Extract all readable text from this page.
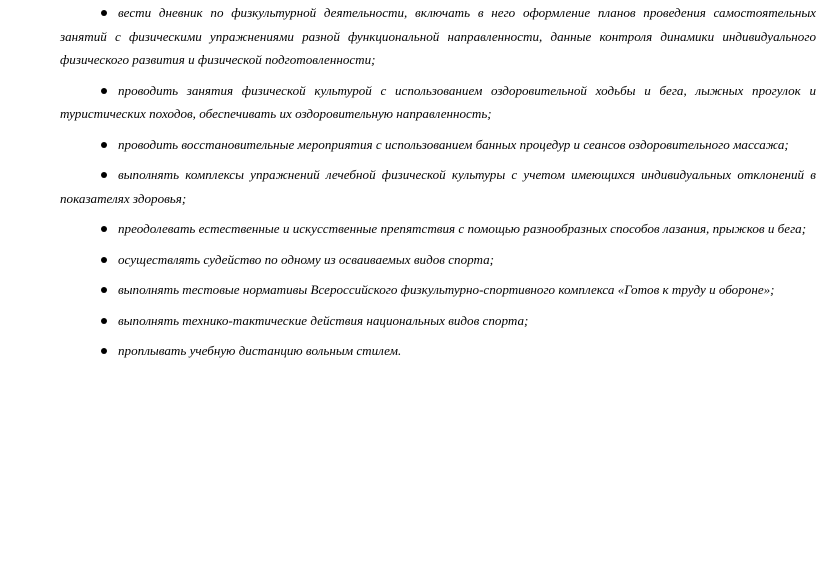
вести дневник по физкультурной деятельности, включать в него оформление планов проведения самостоятельных занятий с физическими упражнениями разной функциональной направленности, данные контроля динамики индивидуального физического развития и физической подготовленности;
проводить занятия физической культурой с использованием оздоровительной ходьбы и бега, лыжных прогулок и туристических походов, обеспечивать их оздоровительную направленность;
проводить восстановительные мероприятия с использованием банных процедур и сеансов оздоровительного массажа;
выполнять комплексы упражнений лечебной физической культуры с учетом имеющихся индивидуальных отклонений в показателях здоровья;
преодолевать естественные и искусственные препятствия с помощью разнообразных способов лазания, прыжков и бега;
осуществлять судейство по одному из осваиваемых видов спорта;
выполнять тестовые нормативы Всероссийского физкультурно-спортивного комплекса «Готов к труду и обороне»;
выполнять технико-тактические действия национальных видов спорта;
проплывать учебную дистанцию вольным стилем.
